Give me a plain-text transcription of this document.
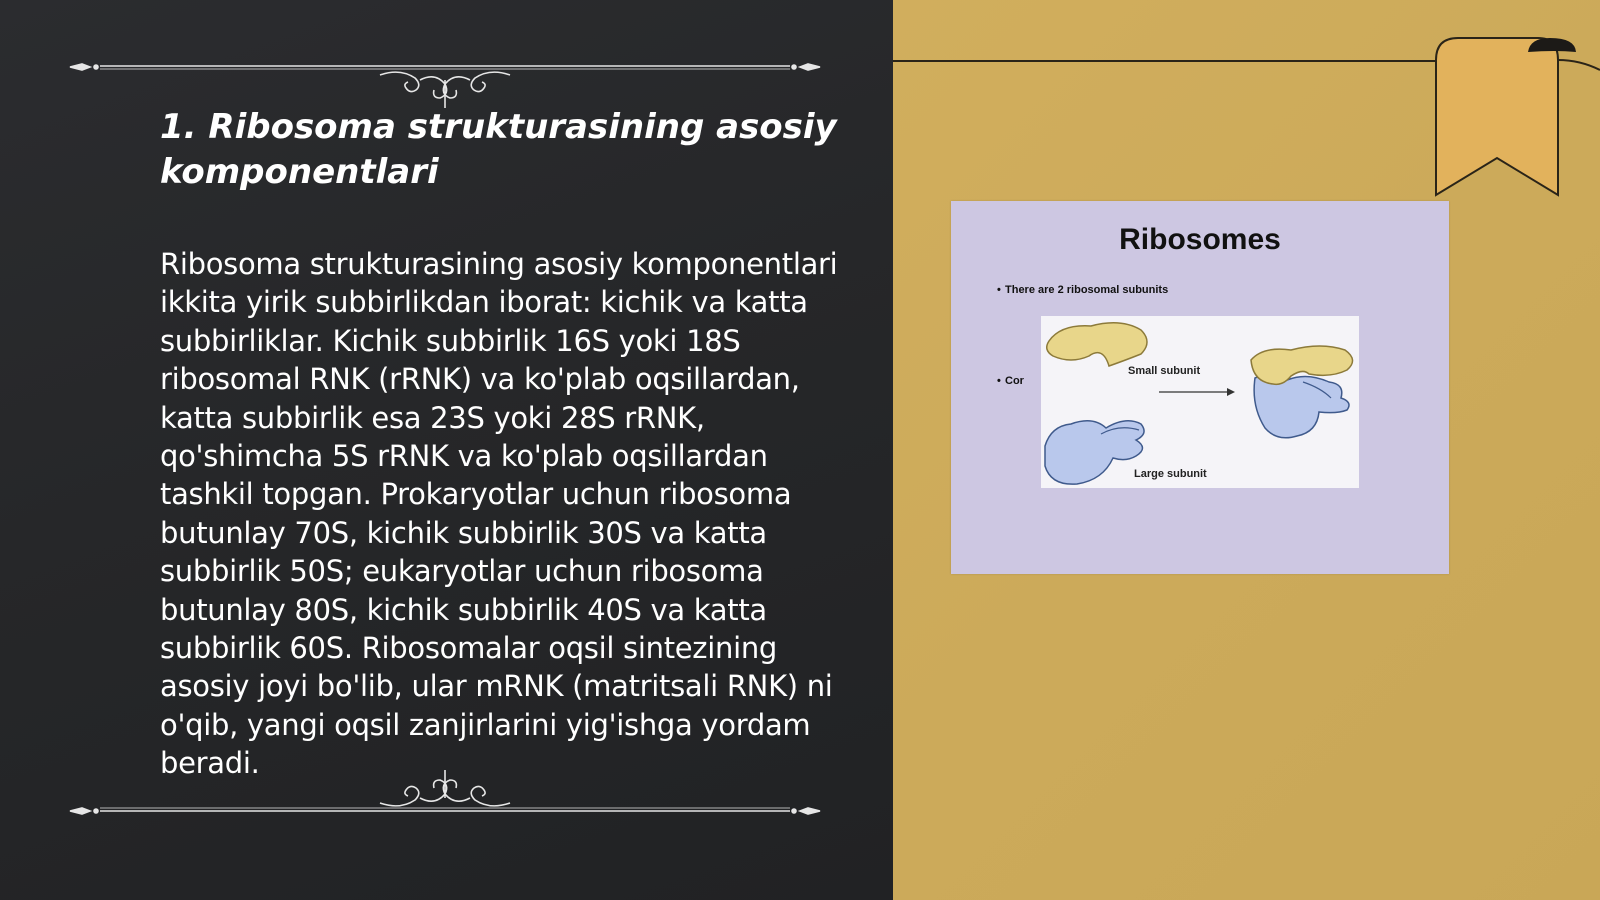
1. Ribosoma strukturasining asosiy komponentlari

Ribosoma strukturasining asosiy komponentlari ikkita yirik subbirlikdan iborat: kichik va katta subbirliklar. Kichik subbirlik 16S yoki 18S ribosomal RNK (rRNK) va ko'plab oqsillardan, katta subbirlik esa 23S yoki 28S rRNK, qo'shimcha 5S rRNK va ko'plab oqsillardan tashkil topgan. Prokaryotlar uchun ribosoma butunlay 70S, kichik subbirlik 30S va katta subbirlik 50S; eukaryotlar uchun ribosoma butunlay 80S, kichik subbirlik 40S va katta subbirlik 60S. Ribosomalar oqsil sintezining asosiy joyi bo'lib, ular mRNK (matritsali RNK) ni o'qib, yangi oqsil zanjirlarini yig'ishga yordam beradi.

Ribosomes
• There are 2 ribosomal subunits
• Cor
Small subunit
Large subunit
